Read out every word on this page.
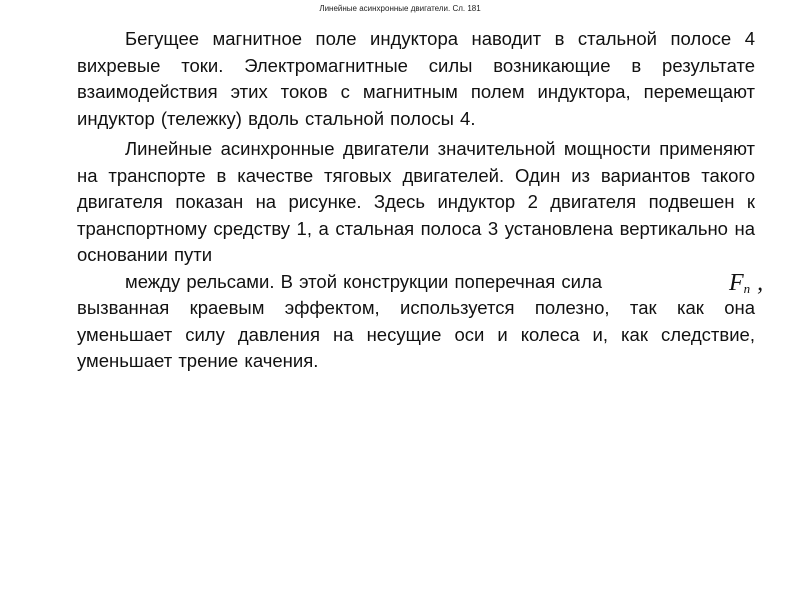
Линейные асинхронные двигатели. Сл. 181

Бегущее магнитное поле индуктора наводит в стальной полосе 4 вихревые токи. Электромагнитные силы возникающие в результате взаимодействия этих токов с магнитным полем индуктора, перемещают индуктор (тележку) вдоль стальной полосы 4.

Линейные асинхронные двигатели значительной мощности применяют на транспорте в качестве тяговых двигателей. Один из вариантов такого двигателя показан на рисунке. Здесь индуктор 2 двигателя подвешен к транспортному средству 1, а стальная полоса 3 установлена вертикально на основании пути
между рельсами. В этой конструкции поперечная сила	$F_п$ ,
вызванная краевым эффектом, используется полезно, так как она уменьшает силу давления на несущие оси и колеса и, как следствие, уменьшает трение качения.
